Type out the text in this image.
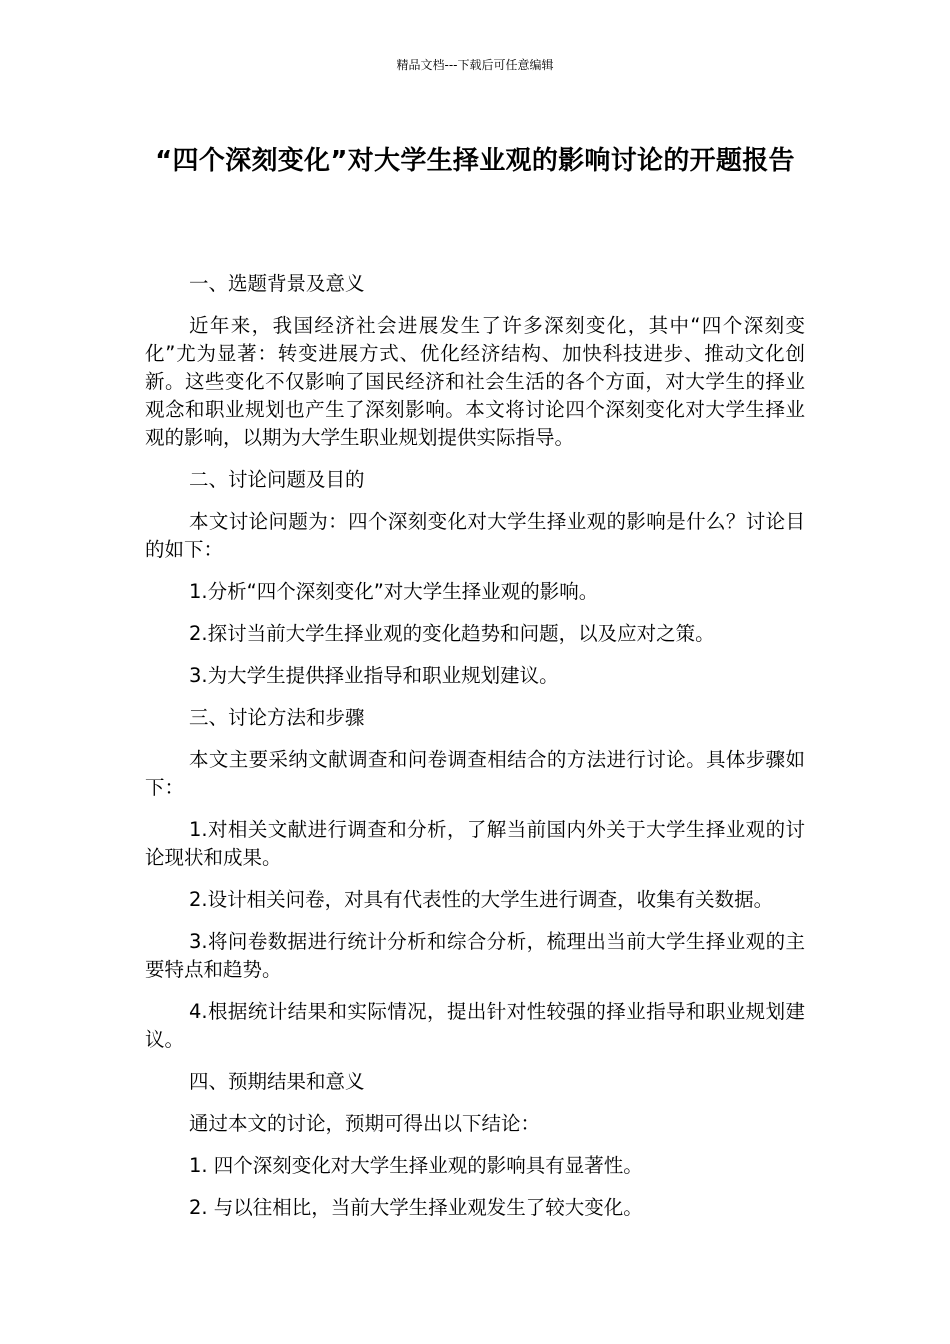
精品文档---下载后可任意编辑
“四个深刻变化”对大学生择业观的影响讨论的开题报告

一、选题背景及意义

近年来，我国经济社会进展发生了许多深刻变化，其中“四个深刻变化”尤为显著：转变进展方式、优化经济结构、加快科技进步、推动文化创新。这些变化不仅影响了国民经济和社会生活的各个方面，对大学生的择业观念和职业规划也产生了深刻影响。本文将讨论四个深刻变化对大学生择业观的影响，以期为大学生职业规划提供实际指导。

二、讨论问题及目的

本文讨论问题为：四个深刻变化对大学生择业观的影响是什么？讨论目的如下：

1.分析“四个深刻变化”对大学生择业观的影响。

2.探讨当前大学生择业观的变化趋势和问题，以及应对之策。

3.为大学生提供择业指导和职业规划建议。

三、讨论方法和步骤

本文主要采纳文献调查和问卷调查相结合的方法进行讨论。具体步骤如下：

1.对相关文献进行调查和分析，了解当前国内外关于大学生择业观的讨论现状和成果。

2.设计相关问卷，对具有代表性的大学生进行调查，收集有关数据。

3.将问卷数据进行统计分析和综合分析，梳理出当前大学生择业观的主要特点和趋势。

4.根据统计结果和实际情况，提出针对性较强的择业指导和职业规划建议。

四、预期结果和意义

通过本文的讨论，预期可得出以下结论：

1. 四个深刻变化对大学生择业观的影响具有显著性。

2. 与以往相比，当前大学生择业观发生了较大变化。
